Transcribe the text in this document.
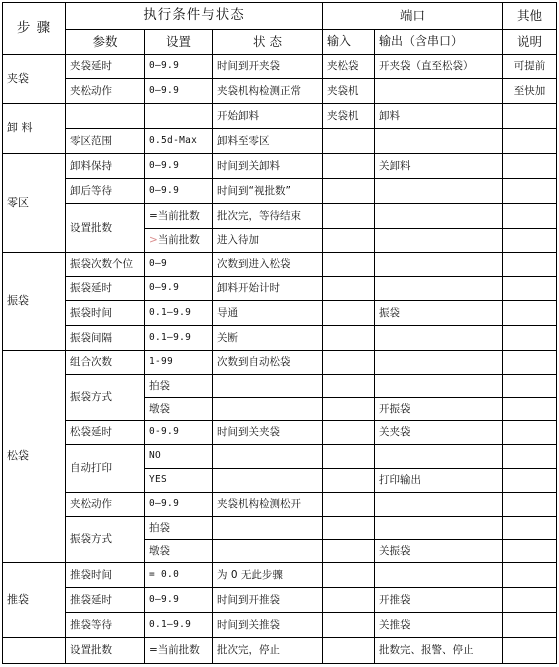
步 骤	执行条件与状态			端口		其他
	参数	设置	状 态	输入	输出（含串口）	说明
夹袋	夹袋延时	0—9.9	时间到开夹袋	夹松袋	开夹袋（直至松袋）	可提前
	夹松动作	0—9.9	夹袋机构检测正常	夹袋机		至快加
卸 料			开始卸料	夹袋机	卸料	
	零区范围	0.5d-Max	卸料至零区			
零区	卸料保持	0—9.9	时间到关卸料		关卸料	
	卸后等待	0—9.9	时间到“视批数”			
	设置批数	=当前批数	批次完，等待结束			
		>当前批数	进入待加			
振袋	振袋次数个位	0—9	次数到进入松袋			
	振袋延时	0—9.9	卸料开始计时			
	振袋时间	0.1—9.9	导通		振袋	
	振袋间隔	0.1—9.9	关断			
松袋	组合次数	1-99	次数到自动松袋			
	振袋方式	拍袋				
		墩袋			开振袋	
	松袋延时	0-9.9	时间到关夹袋		关夹袋	
	自动打印	NO				
		YES			打印输出	
	夹松动作	0—9.9	夹袋机构检测松开			
	振袋方式	拍袋				
		墩袋			关振袋	
推袋	推袋时间	= 0.0	为 0 无此步骤			
	推袋延时	0—9.9	时间到开推袋		开推袋	
	推袋等待	0.1—9.9	时间到关推袋		关推袋	
	设置批数	=当前批数	批次完，停止		批数完、报警、停止	
